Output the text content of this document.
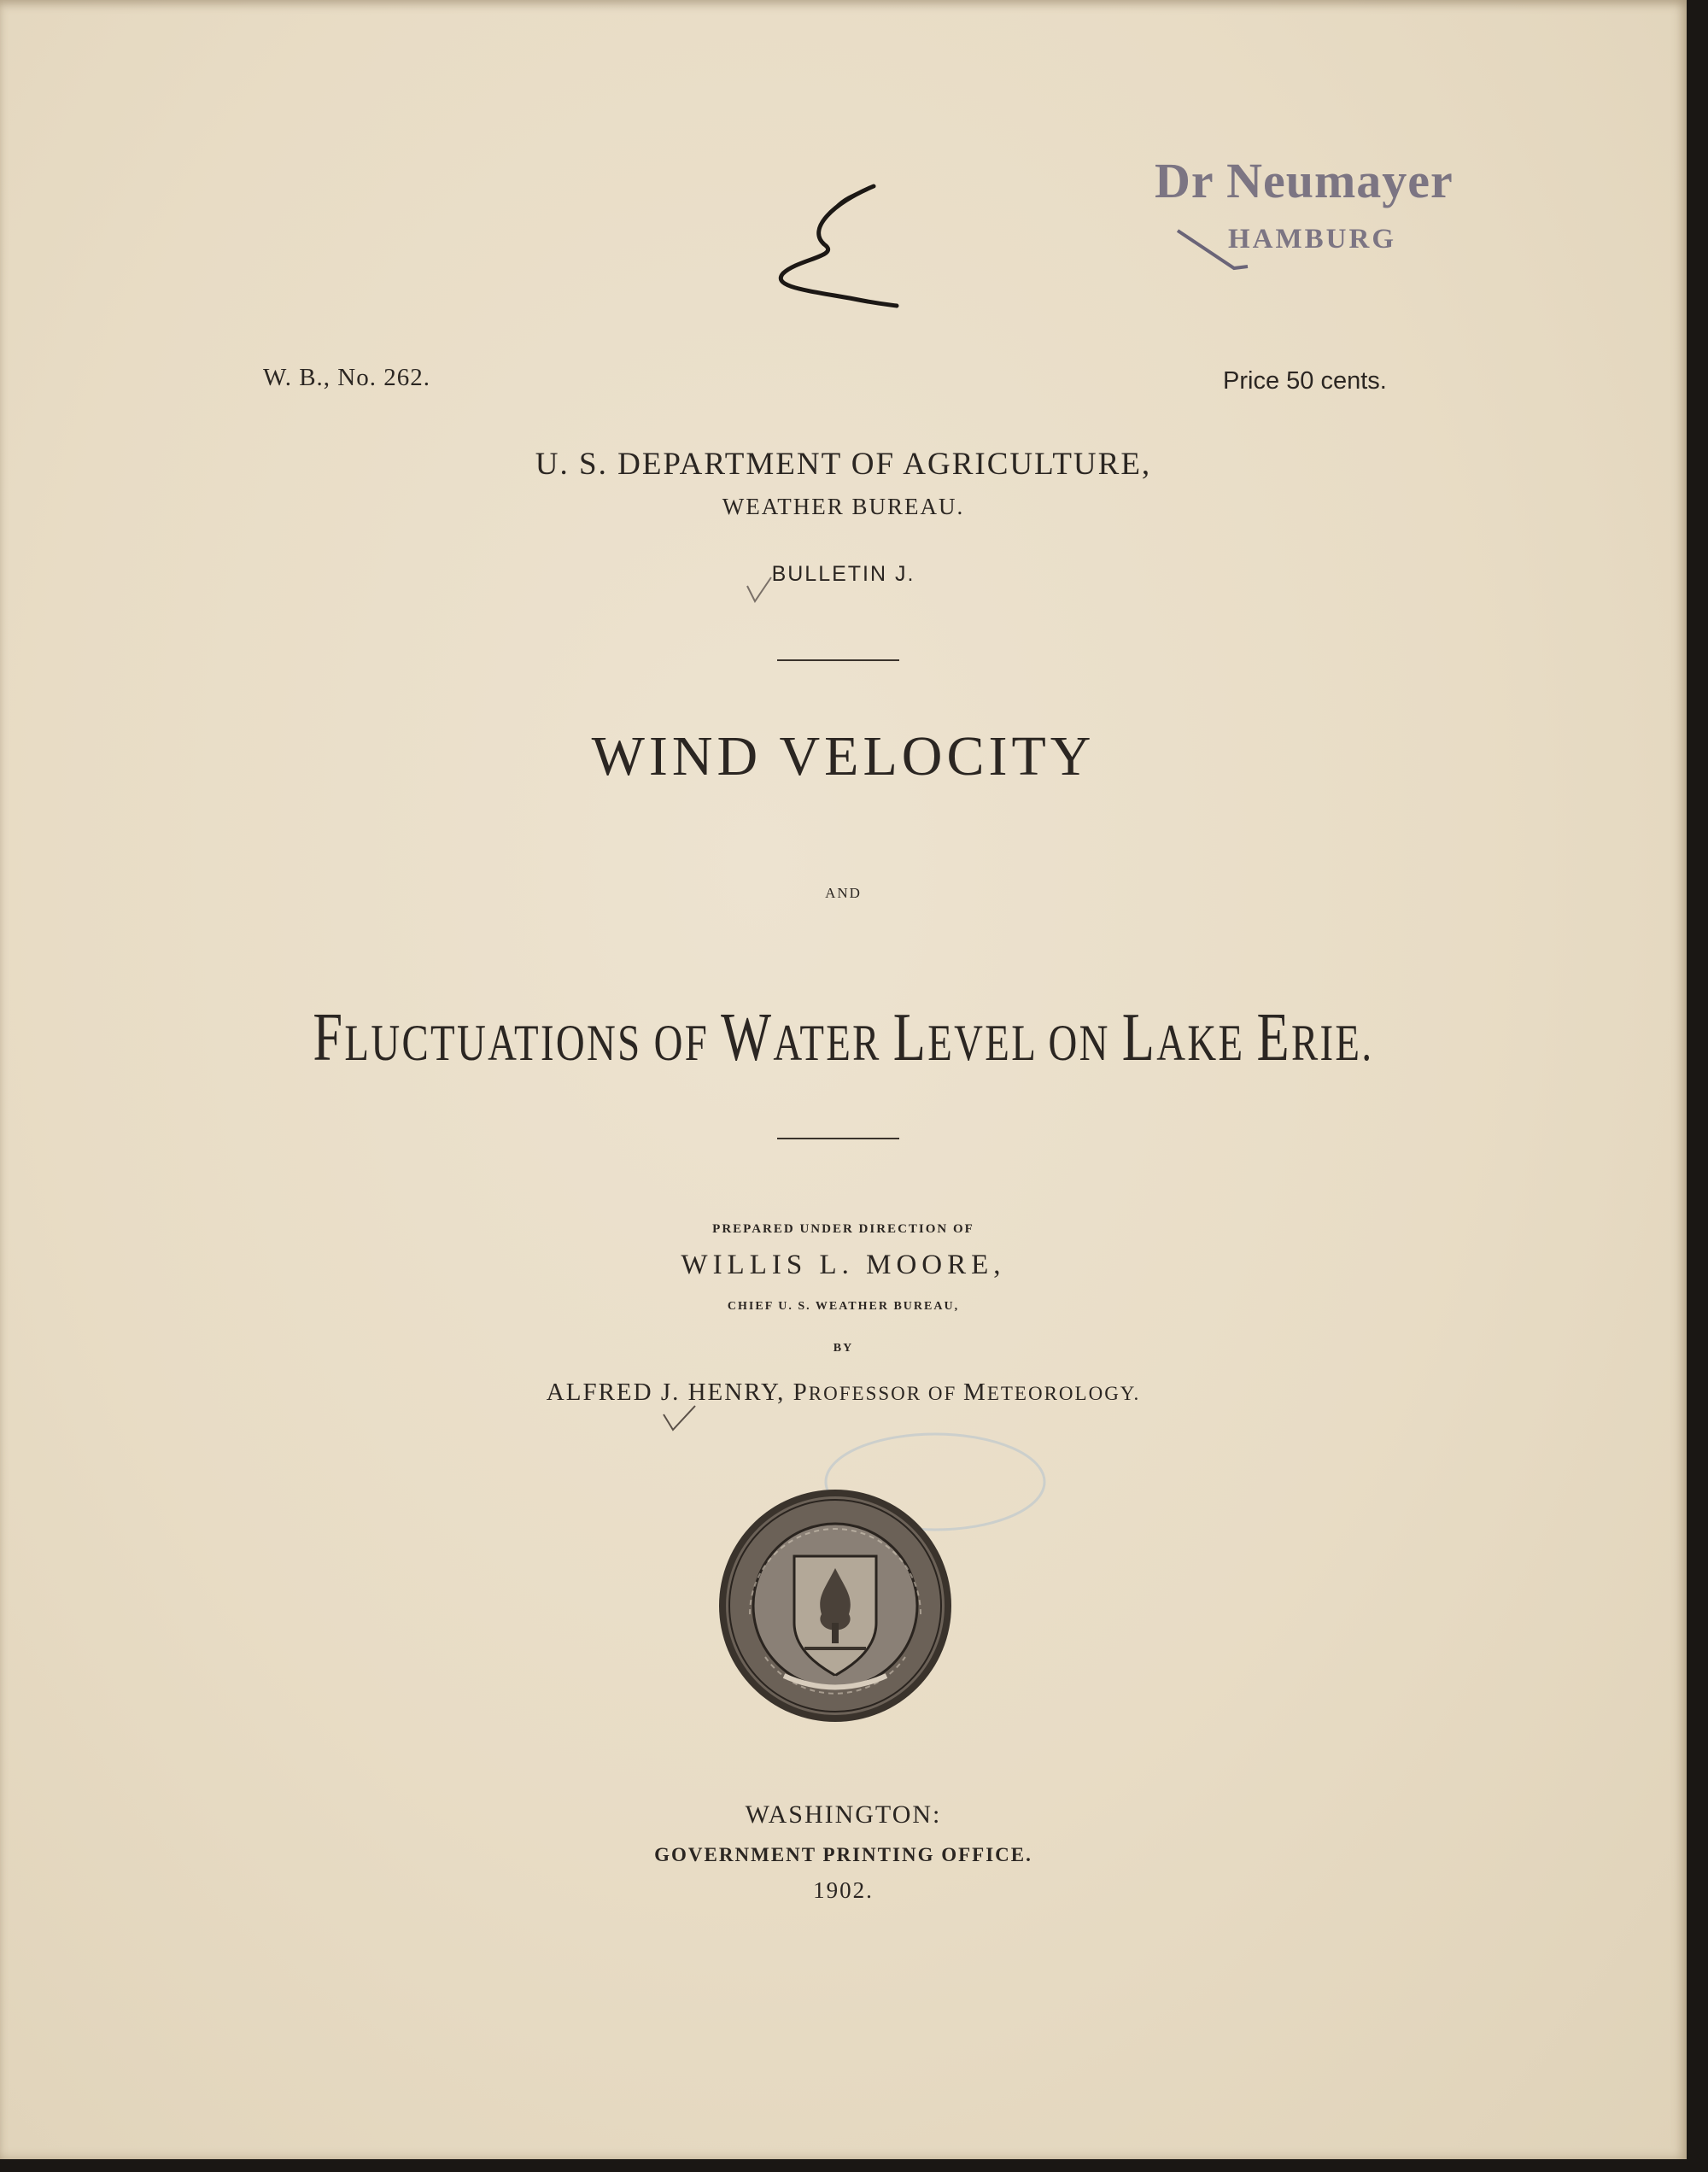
Dr Neumayer
HAMBURG
W. B., No. 262.	Price 50 cents.
U. S. DEPARTMENT OF AGRICULTURE,
WEATHER BUREAU.
BULLETIN J.
WIND VELOCITY
AND
FLUCTUATIONS OF WATER LEVEL ON LAKE ERIE.
PREPARED UNDER DIRECTION OF
WILLIS L. MOORE,
CHIEF U. S. WEATHER BUREAU,
BY
ALFRED J. HENRY, PROFESSOR OF METEOROLOGY.
WASHINGTON:
GOVERNMENT PRINTING OFFICE.
1902.
